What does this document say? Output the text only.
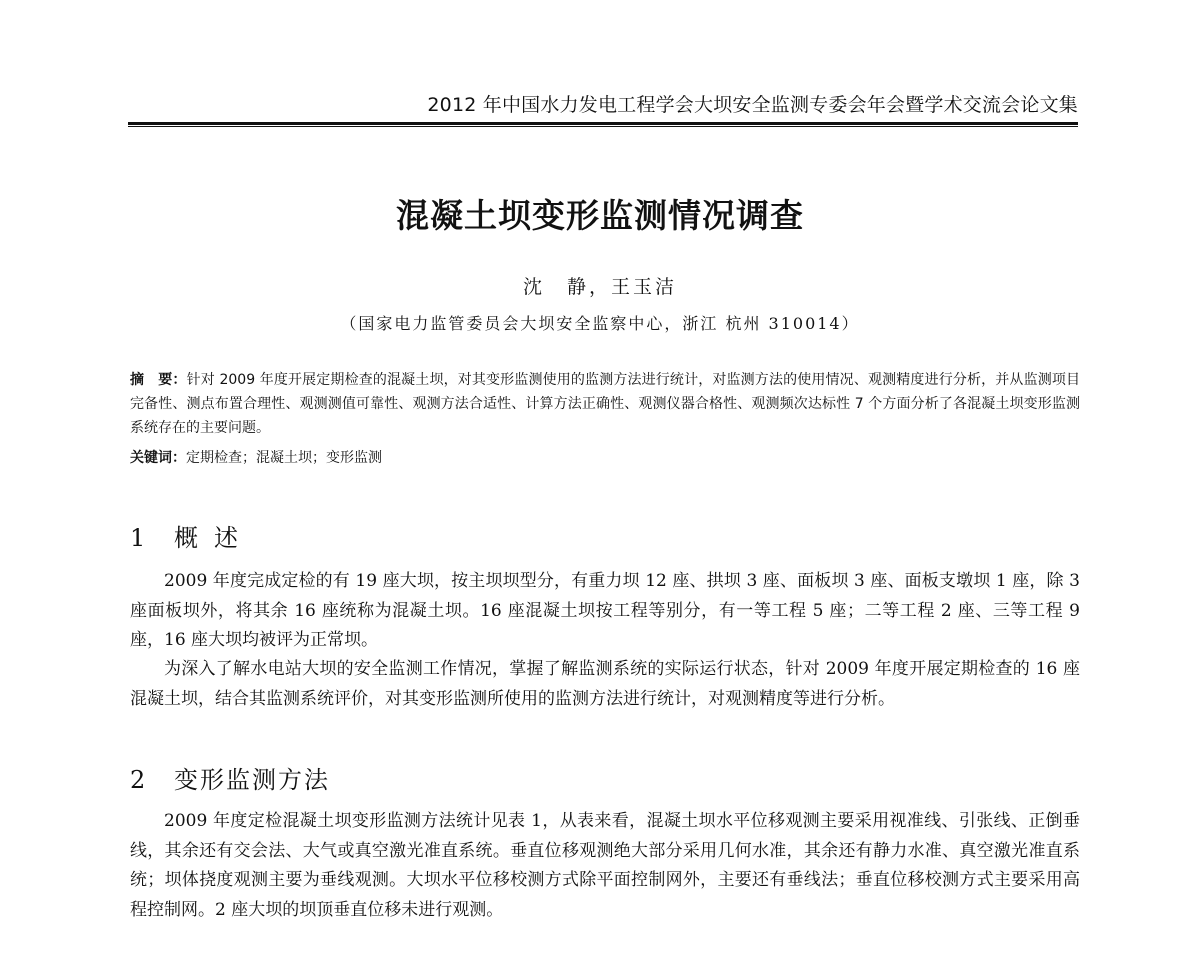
2012 年中国水力发电工程学会大坝安全监测专委会年会暨学术交流会论文集
混凝土坝变形监测情况调查
沈　静，王玉洁
（国家电力监管委员会大坝安全监察中心，浙江 杭州 310014）
摘　要：针对 2009 年度开展定期检查的混凝土坝，对其变形监测使用的监测方法进行统计，对监测方法的使用情况、观测精度进行分析，并从监测项目完备性、测点布置合理性、观测测值可靠性、观测方法合适性、计算方法正确性、观测仪器合格性、观测频次达标性 7 个方面分析了各混凝土坝变形监测系统存在的主要问题。
关键词：定期检查；混凝土坝；变形监测
1 概述

2009 年度完成定检的有 19 座大坝，按主坝坝型分，有重力坝 12 座、拱坝 3 座、面板坝 3 座、面板支墩坝 1 座，除 3 座面板坝外，将其余 16 座统称为混凝土坝。16 座混凝土坝按工程等别分，有一等工程 5 座；二等工程 2 座、三等工程 9 座，16 座大坝均被评为正常坝。

为深入了解水电站大坝的安全监测工作情况，掌握了解监测系统的实际运行状态，针对 2009 年度开展定期检查的 16 座混凝土坝，结合其监测系统评价，对其变形监测所使用的监测方法进行统计，对观测精度等进行分析。

2 变形监测方法

2009 年度定检混凝土坝变形监测方法统计见表 1，从表来看，混凝土坝水平位移观测主要采用视准线、引张线、正倒垂线，其余还有交会法、大气或真空激光准直系统。垂直位移观测绝大部分采用几何水准，其余还有静力水准、真空激光准直系统；坝体挠度观测主要为垂线观测。大坝水平位移校测方式除平面控制网外，主要还有垂线法；垂直位移校测方式主要采用高程控制网。2 座大坝的坝顶垂直位移未进行观测。
